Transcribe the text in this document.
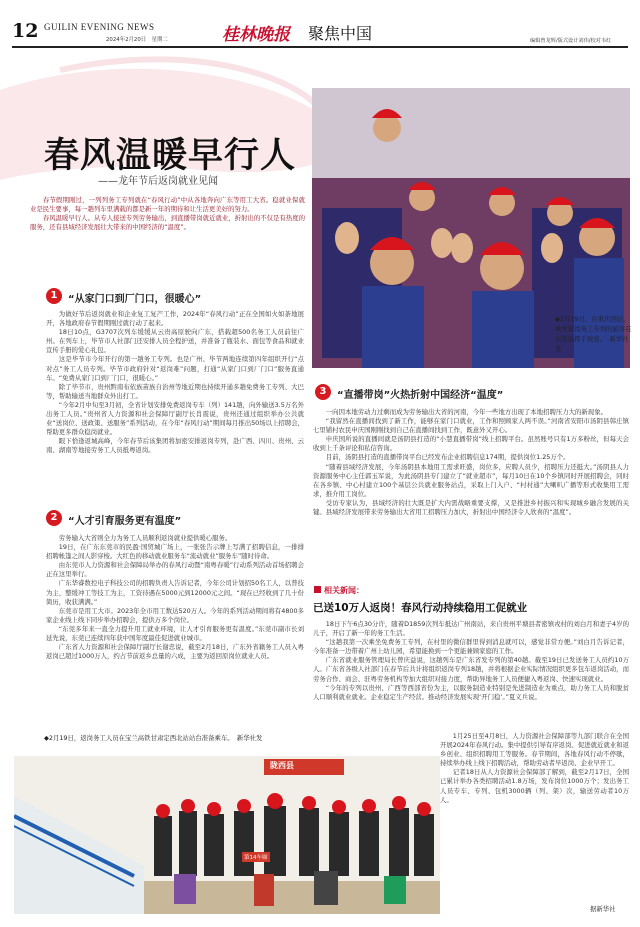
12 GUILIN EVENING NEWS
2024年2月20日　星期二	桂林晚报 聚焦中国	编辑曾龙辉/版式设计刘伟/校对韦红
春风温暖早行人
——龙年节后返岗就业见闻
◆2月19日，在重庆西站，乘坐返岗务工专列的旅客在出发前挥手致意。　新华社发
春节假期刚过，一列列务工专列就在“春风行动”中从各地奔向广东等用工大省。稳就业保就业是民生要事，每一趟列车里满载的都是新一年的期待和让生活更美好的努力。
春风温暖早行人。从专人接送专列劳务输出，到直播带岗就近就业，折射出的不仅是有热度的服务，还有县域经济发展壮大带来的中国经济的“温度”。
1	“从家门口到厂门口，很暖心”
为做好节后返岗就业和企业复工复产工作，2024年“春风行动”正在全国如火如荼地展开，各地政府春节假期刚过就行动了起来。
18日10点，G3707次列车缓缓从云贵高原驶向广东，搭载超500名务工人员前往广州。在列车上，毕节市人社部门还安排人员全程护送，并准备了瓶装水、面包等食品和就业宣传手册的爱心礼包。
这是毕节市今年开行的第一趟务工专列。也是广州、毕节两地连续第四年组织开行“点对点”务工人员专列。毕节市政府针对“返岗难”问题，打通“从家门口到厂门口”服务直通车。“免费从家门口到厂门口，很暖心。”
除了毕节市，贵州黔南布依族苗族自治州等地近期也持续开通多趟免费务工专列、大巴等，帮助输送当地群众外出打工。
“今年2月中旬至3月初，全省计划安排免费返岗专车（列）141趟，向外输送3.5万名外出务工人员。”贵州省人力资源和社会保障厅副厅长肖震说，贵州还通过组织举办公共就业“送岗位、送政策、送服务”系列活动，在今年“春风行动”期间每月推出50场以上招聘会，帮助更多群众稳岗就业。
眼下恰逢返城高峰，今年春节后该集团将加密安排返岗专列，赴广西、四川、贵州、云南、湖南等地接劳务工人员抵粤返岗。
2	“人才引育服务更有温度”
劳务输入大省则全力为务工人员顺利返岗就业提供暖心服务。
19日，在广东东莞市的民盈·国贸城广场上，一张张告示牌上写满了招聘信息，一排排招聘帐篷之间人影穿梭。大红色的移动就业服务车“流动就业”服务车”随时待命。
由东莞市人力资源和社会保障局举办的春风行动暨“南粤春暖”行动系列活动首场招聘会正在这里举行。
广东华睿数控电子科技公司的招聘负责人告诉记者，今年公司计划招50名工人，以普技为主，整缓冲工等技工为主，工资待遇在5000元到12000元之间。“现在已经收到了几十份简历，收获满满。”
东莞市是用工大市。2023年全市用工数达520万人。今年的系列活动期间将有4800多家企业线上线下同步举办招聘会，提供万多个岗位。
“东莞多年来一直全力提升用工就业环境，让人才引育服务更有温度。”东莞市副市长刘延先说，东莞已连续四年获中国年度最佳促进就业城市。
广东省人力资源和社会保障厅副厅长谢忠说，截至2月18日，广东外省籍务工人员入粤返岗已超过1000万人，约占节前返乡总量的六成，主要为返回原岗位就业人员。
◆2月19日，返岗务工人员在宝兰高铁甘肃定西北站站台准备乘车。　新华社发
陇西县
第14车厢
3	“直播带岗”火热折射中国经济“温度”
一向因本地劳动力过剩而成为劳务输出大省的河南，今年一些地方出现了本地招聘压力大的新现象。
“我留然在直播间找到了新工作，能够在家门口就业，工作和照顾家人两不误。”河南省安阳市汤阴县韩庄镇七里铺村农民申庆国刚刚找到自己在直播间找到工作，既意外又开心。
申庆国所说的直播间就是汤阴县打造的“小慧直播带岗”线上招聘平台。虽然账号只有1万多粉丝，但每天会收到上千条评论和私信咨询。
目前，汤阴县打造的直播带岗平台已经发布企业招聘信息174期，提供岗位1.25万个。
“随着县域经济发展，今年汤阴县本地用工需求旺盛，岗位多，应聘人员少，招聘压力还挺大。”汤阴县人力资源服务中心主任郭玉军说，为此汤阴县专门建立了“就业超市”，每月10日在10个乡镇同时开展招聘会，同时在各乡镇、中心村建立100个基层公共就业服务站点，采取上门入户、“村村通”大喇叭广播等形式收集用工需求，推介用工岗位。
受访专家认为，县域经济的壮大既是扩大内需战略重要支撑，又是推进乡村振兴和实现城乡融合发展的关键。县域经济发展带来劳务输出大省用工招聘压力加大，折射出中国经济令人欣喜的“温度”。
相关新闻：
已送10万人返岗！春风行动持续稳用工促就业
18日下午6点30分许，随着D1859次列车抵达广州南站，来自贵州平塘县者密镇戎村的刘白月和妻子4岁的儿子，开启了新一年的务工生活。
“这趟我第一次乘坐免费务工专列，在村里的微信群里得到消息就可以，感觉非常方便。”刘白月告诉记者，今年准备一边带着广州上幼儿园，希望能换到一个更能兼顾家庭的工作。
广东省就业服务管理局长曾庆益说，这趟列车是广东省发专列的第40趟。截至19日已发送务工人员约10万人。广东省各级人社部门在春节后共计将组织返岗专列18趟，并将根据企业实际情况组织更多包车返岗活动，而劳务合作、商会、驻粤劳务机构等加大组织对接力度，帮助异地务工人员便捷入粤返岗、快速实现就业。
“今年的专列以贵州、广西等西部省份为主，以服务制造业特别是先进制造业为重点，助力务工人员和脱贫人口顺利就业就业。企业稳定生产经营。推动经济发展实现‘开门稳’。”夏义兵说。
1月25日至4月8日，人力资源社会保障部等九部门联合在全国开展2024年春风行动。集中提供引导有序返岗、促进就近就业和返乡创业、组织招聘用工等服务。春节期间，各地春风行动不停歇，持续举办线上线下招聘活动，帮助劳动者早返岗、企业早开工。
记者18日从人力资源社会保障部了解到，截至2月17日，全国已累计举办各类招聘活动1.8万场，发布岗位1000万个；发出务工人员专车、专列、包机3000辆（列、架）次，输送劳动者10万人。
据新华社
